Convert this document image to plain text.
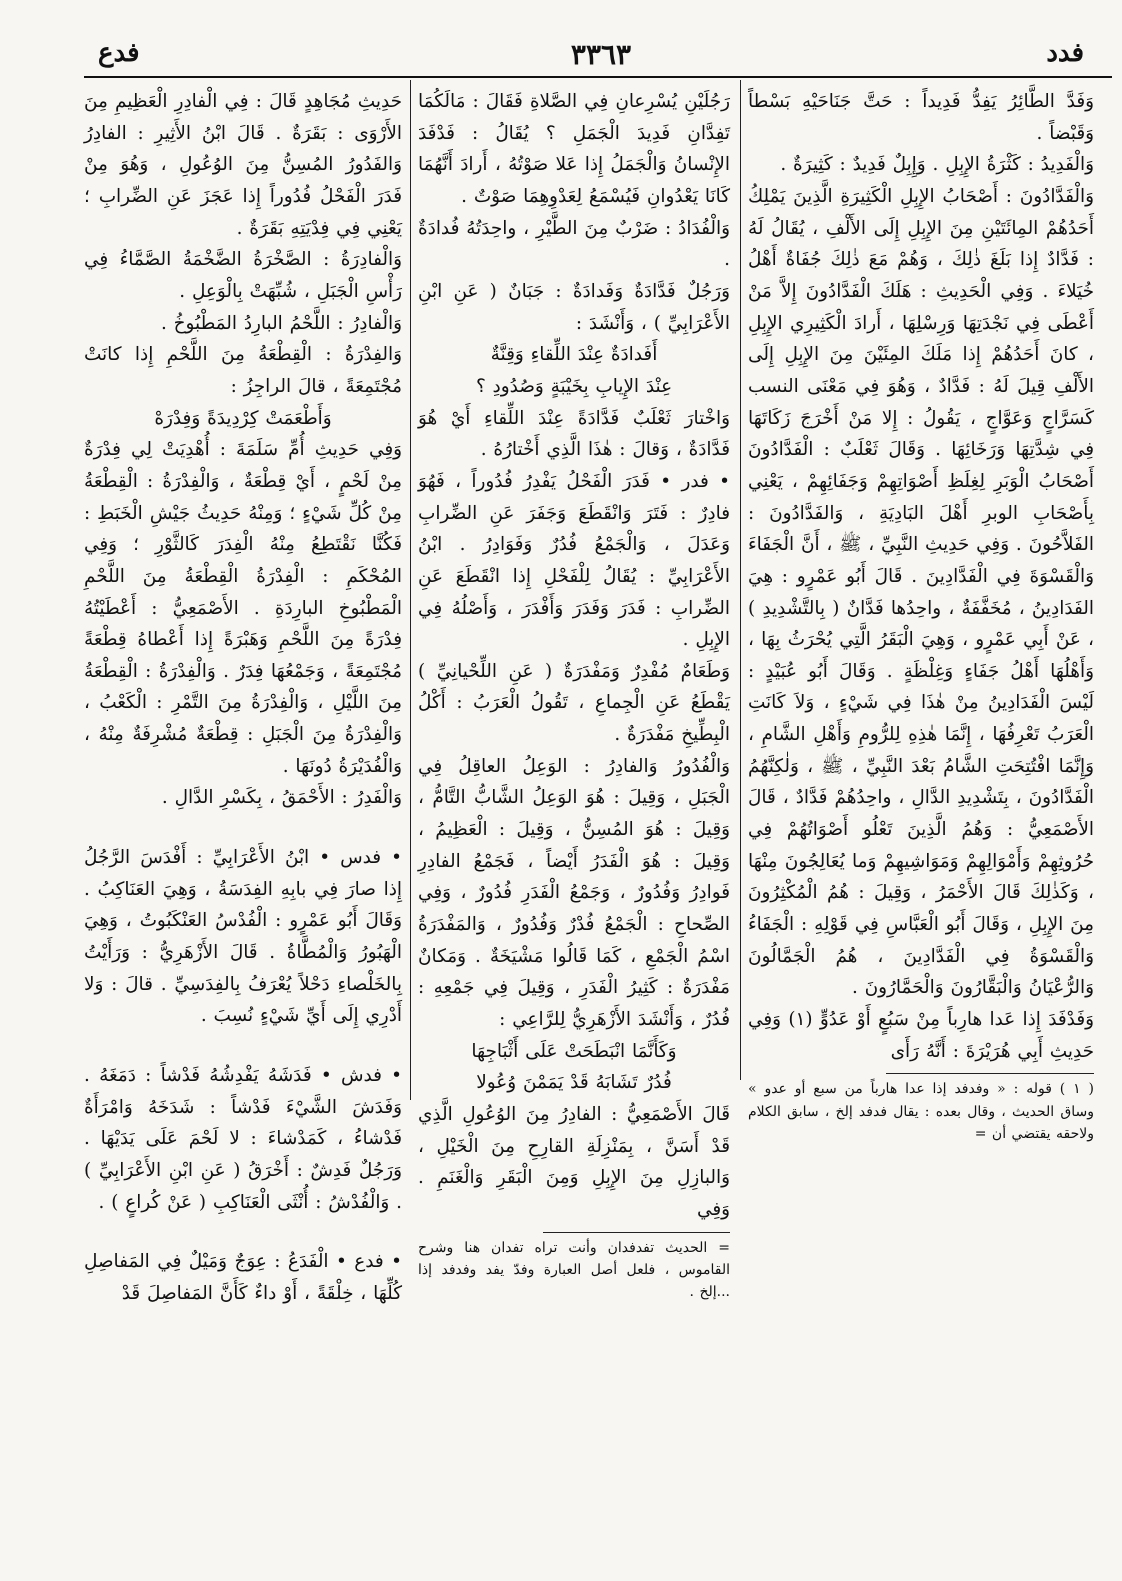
فدد
٣٣٦٣
فدع

وَفَدَّ الطَّائِرُ يَفِدُّ فَدِيداً : حَتَّ جَنَاحَيْهِ بَسْطاً وَقَبْضاً .

وَالْفَدِيدُ : كَثْرَةُ الإِبِلِ . وَإِبِلٌ فَدِيدٌ : كَثِيرَةٌ .

وَالْفَدَّادُونَ : أَصْحَابُ الإِبِلِ الْكَثِيرَةِ الَّذِينَ يَمْلِكُ أَحَدُهُمْ المِائَتَيْنِ مِنَ الإِبِلِ إِلَى الأَلْفِ ، يُقَالُ لَهُ : فَدَّادٌ إِذا بَلَغَ ذٰلِكَ ، وَهُمْ مَعَ ذٰلِكَ جُفَاةٌ أَهْلُ خُيَلاءَ . وَفِي الْحَدِيثِ : هَلَكَ الْفَدَّادُونَ إِلاَّ مَنْ أَعْطَى فِي نَجْدَتِهَا وَرِسْلِهَا ، أَرادَ الْكَثِيرِي الإِبِلِ ، كانَ أَحَدُهُمْ إِذا مَلَكَ المِئَيْنَ مِنَ الإِبِلِ إِلَى الأَلْفِ قِيلَ لَهُ : فَدَّادٌ ، وَهُوَ فِي مَعْنَى النسب كَسَرَّاجٍ وَعَوَّاجٍ ، يَقُولُ : إِلا مَنْ أَخْرَجَ زَكَاتَهَا فِي شِدَّتِهَا وَرَخَائِهَا . وَقَالَ ثَعْلَبٌ : الْفَدَّادُونَ أَصْحَابُ الْوَبَرِ لِغِلَظِ أَصْوَاتِهِمْ وَجَفَائِهِمْ ، يَعْنِي بِأَصْحَابِ الوبرِ أَهْلَ البَادِيَةِ ، وَالفَدَّادُونَ : الفَلاَّحُونَ . وَفِي حَدِيثِ النَّبِيِّ ، ﷺ ، أَنَّ الْجَفَاءَ وَالْقَسْوَةَ فِي الْفَدَّادِينَ . قَالَ أَبُو عَمْرٍو : هِيَ الفَدَادِينُ ، مُخَفَّفَةٌ ، واحِدُها فَدَّانٌ ( بِالتَّشْدِيدِ ) ، عَنْ أَبِي عَمْرٍو ، وَهِيَ الْبَقَرُ الَّتِي يُحْرَثُ بِهَا ، وَأَهْلُهَا أَهْلُ جَفَاءٍ وَغِلْظَةٍ . وَقَالَ أَبُو عُبَيْدٍ : لَيْسَ الْفَدَادِينُ مِنْ هٰذَا فِي شَيْءٍ ، وَلاَ كَانَتِ الْعَرَبُ تَعْرِفُهَا ، إِنَّمَا هٰذِهِ لِلرُّومِ وَأَهْلِ الشَّامِ ، وَإِنَّمَا افْتُتِحَتِ الشَّامُ بَعْدَ النَّبِيِّ ، ﷺ ، وَلٰكِنَّهُمُ الْفَدَّادُونَ ، بِتَشْدِيدِ الدَّالِ ، واحِدُهُمْ فَدَّادٌ ، قَالَ الأَصْمَعِيُّ : وَهُمُ الَّذِينَ تَعْلُو أَصْوَاتُهُمْ فِي حُرُوثِهِمْ وَأَمْوَالِهِمْ وَمَوَاشِيهِمْ وَما يُعَالِجُونَ مِنْهَا ، وَكَذٰلِكَ قَالَ الأَحْمَرُ ، وَقِيلَ : هُمُ الْمُكْثِرُونَ مِنَ الإِبِلِ ، وَقَالَ أَبُو الْعَبَّاسِ فِي قَوْلِهِ : الْجَفَاءُ وَالْقَسْوَةُ فِي الْفَدَّادِينَ ، هُمُ الْجَمَّالُونَ وَالرُّعْيَانُ وَالْبَقَّارُونَ وَالْحَمَّارُونَ .

وَفَدْفَدَ إِذا عَدا هارِباً مِنْ سَبُعٍ أَوْ عَدُوٍّ (١) وَفِي حَدِيثِ أَبِي هُرَيْرَةَ : أَنَّهُ رَأَى

( ١ ) قوله : « وفدفد إذا عدا هارباً من سبع أو عدو » وساق الحديث ، وقال بعده : يقال فدفد إلخ ، سابق الكلام ولاحقه يقتضي أن =

رَجُلَيْنِ يُسْرِعانِ فِي الصَّلاةِ فَقَالَ : مَالَكُمَا تَفِدَّانِ فَدِيدَ الْجَمَلِ ؟ يُقَالُ : فَدْفَدَ الإِنْسانُ وَالْجَمَلُ إِذا عَلا صَوْتُهُ ، أَرادَ أَنَّهُمَا كَانَا يَعْدُوانِ فَيُسْمَعُ لِعَدْوِهِمَا صَوْتٌ .

وَالْفُدَادُ : ضَرْبٌ مِنَ الطَّيْرِ ، واحِدَتُهُ فُدادَةٌ .

وَرَجُلٌ فَدَّادَةٌ وَفَدادَةٌ : جَبَانٌ ( عَنِ ابْنِ الأَعْرَابِيِّ ) ، وَأَنْشَدَ :

أَفَدادَةٌ عِنْدَ اللِّقاءِ وَقِنَّةٌ

عِنْدَ الإِيابِ بِخَيْبَةٍ وَصُدُودِ ؟

وَاخْتارَ ثَعْلَبٌ فَدَّادَةً عِنْدَ اللِّقاءِ أَيْ هُوَ فَدَّادَةٌ ، وَقالَ : هٰذَا الَّذِي أَخْتارُهُ .

• فدر • فَدَرَ الْفَحْلُ يَفْدِرُ فُدُوراً ، فَهُوَ فادِرٌ : فَتَرَ وَانْقَطَعَ وَجَفَرَ عَنِ الضِّرابِ وَعَدَلَ ، وَالْجَمْعُ فُدُرٌ وَفَوَادِرُ . ابْنُ الأَعْرَابِيِّ : يُقَالُ لِلْفَحْلِ إِذا انْقَطَعَ عَنِ الضِّرابِ : فَدَرَ وَفَدَرَ وَأَفْدَرَ ، وَأَصْلُهُ فِي الإِبِلِ .

وَطَعَامٌ مُفْدِرٌ وَمَفْدَرَةٌ ( عَنِ اللِّحْيانِيِّ ) يَقْطَعُ عَنِ الْجِماعِ ، تَقُولُ الْعَرَبُ : أَكْلُ الْبِطِّيخِ مَفْدَرَةٌ .

وَالْفُدُورُ وَالفادِرُ : الوَعِلُ العاقِلُ فِي الْجَبَلِ ، وَقِيلَ : هُوَ الوَعِلُ الشَّابُّ التَّامُّ ، وَقِيلَ : هُوَ المُسِنُّ ، وَقِيلَ : الْعَظِيمُ ، وَقِيلَ : هُوَ الْفَدَرُ أَيْضاً ، فَجَمْعُ الفادِرِ فَوادِرُ وَفُدُورٌ ، وَجَمْعُ الْفَدَرِ فُدُورٌ ، وَفِي الصِّحاحِ : الْجَمْعُ فُدْرٌ وَفُدُورٌ ، وَالمَفْدَرَةُ اسْمُ الْجَمْعِ ، كَمَا قَالُوا مَشْيَخَةٌ . وَمَكانٌ مَفْدَرَةٌ : كَثِيرُ الْفَدَرِ ، وَقِيلَ فِي جَمْعِهِ : فُدُرٌ ، وَأَنْشَدَ الأَزْهَرِيُّ لِلرَّاعِي :

وَكَأَنَّمَا انْبَطَحَتْ عَلَى أَثْبَاجِهَا

فُدُرٌ تَشَابَهُ قَدْ يَمَمْنَ وُعُولا

قَالَ الأَصْمَعِيُّ : الفادِرُ مِنَ الوُعُولِ الَّذِي قَدْ أَسَنَّ ، بِمَنْزِلَةِ القارِحِ مِنَ الْخَيْلِ ، وَالبازِلِ مِنَ الإِبِلِ وَمِنَ الْبَقَرِ وَالْغَنَمِ . وَفِي

= الحديث تفدفدان وأنت تراه تفدان هنا وشرح القاموس ، فلعل أصل العبارة وفدّ يفد وفدفد إذا ...إلخ .

حَدِيثِ مُجَاهِدٍ قَالَ : فِي الْفادِرِ الْعَظِيمِ مِنَ الأَرْوَى : بَقَرَةٌ . قَالَ ابْنُ الأَثِيرِ : الفادِرُ وَالفَدُورُ المُسِنُّ مِنَ الوُعُولِ ، وَهُوَ مِنْ فَدَرَ الْفَحْلُ فُدُوراً إِذا عَجَزَ عَنِ الضِّرابِ ؛ يَعْنِي فِي فِدْيَتِهِ بَقَرَةٌ .

وَالْفادِرَةُ : الصَّخْرَةُ الضَّخْمَةُ الصَّمَّاءُ فِي رَأْسِ الْجَبَلِ ، شُبِّهَتْ بِالْوَعِلِ .

وَالْفادِرُ : اللَّحْمُ البارِدُ المَطْبُوخُ .

وَالفِدْرَةُ : الْقِطْعَةُ مِنَ اللَّحْمِ إِذا كانَتْ مُجْتَمِعَةً ، قالَ الراجِزُ :

وَأَطْعَمَتْ كِرْدِيدَةً وَفِدْرَهْ

وَفِي حَدِيثِ أُمِّ سَلَمَةَ : أُهْدِيَتْ لِي فِدْرَةٌ مِنْ لَحْمٍ ، أَيْ قِطْعَةٌ ، وَالْفِدْرَةُ : الْقِطْعَةُ مِنْ كُلِّ شَيْءٍ ؛ وَمِنْهُ حَدِيثُ جَيْشِ الْخَبَطِ : فَكُنَّا نَقْتَطِعُ مِنْهُ الْفِدَرَ كَالثَّوْرِ ؛ وَفِي المُحْكَمِ : الْفِدْرَةُ الْقِطْعَةُ مِنَ اللَّحْمِ الْمَطْبُوخِ البارِدَةِ . الأَصْمَعِيُّ : أَعْطَيْتُهُ فِدْرَةً مِنَ اللَّحْمِ وَهَبْرَةً إِذا أَعْطاهُ قِطْعَةً مُجْتَمِعَةً ، وَجَمْعُهَا فِدَرٌ . وَالْفِدْرَةُ : الْقِطْعَةُ مِنَ اللَّيْلِ ، وَالْفِدْرَةُ مِنَ التَّمْرِ : الْكَعْبُ ، وَالْفِدْرَةُ مِنَ الْجَبَلِ : قِطْعَةٌ مُشْرِفَةٌ مِنْهُ ، وَالْفُدَيْرَةُ دُونَهَا .

وَالْفَدِرُ : الأَحْمَقُ ، بِكَسْرِ الدَّالِ .

• فدس • ابْنُ الأَعْرَابِيِّ : أَفْدَسَ الرَّجُلُ إِذا صارَ فِي بابِهِ الفِدَسَةُ ، وَهِيَ العَنَاكِبُ . وَقَالَ أَبُو عَمْرٍو : الْفُدْسُ العَنْكَبُوتُ ، وَهِيَ الْهَبُورُ وَالْمُطَّاةُ . قَالَ الأَزْهَرِيُّ : وَرَأَيْتُ بِالخَلْصاءِ دَحْلاً يُعْرَفُ بِالفِدَسِيِّ . قالَ : وَلا أَدْرِي إِلَى أَيِّ شَيْءٍ نُسِبَ .

• فدش • فَدَشَهُ يَفْدِشُهُ فَدْشاً : دَمَغَهُ . وَفَدَشَ الشَّيْءَ فَدْشاً : شَدَخَهُ وَامْرَأَةٌ فَدْشاءُ ، كَمَدْشاءَ : لا لَحْمَ عَلَى يَدَيْهَا . وَرَجُلٌ فَدِشٌ : أَخْرَقُ ( عَنِ ابْنِ الأَعْرَابِيِّ ) . وَالْفُدْشُ : أُنْثَى الْعَنَاكِبِ ( عَنْ كُراعٍ ) .

• فدع • الْفَدَعُ : عِوَجٌ وَمَيْلٌ فِي المَفاصِلِ كُلِّهَا ، خِلْقَةً ، أَوْ داءٌ كَأَنَّ المَفاصِلَ قَدْ
